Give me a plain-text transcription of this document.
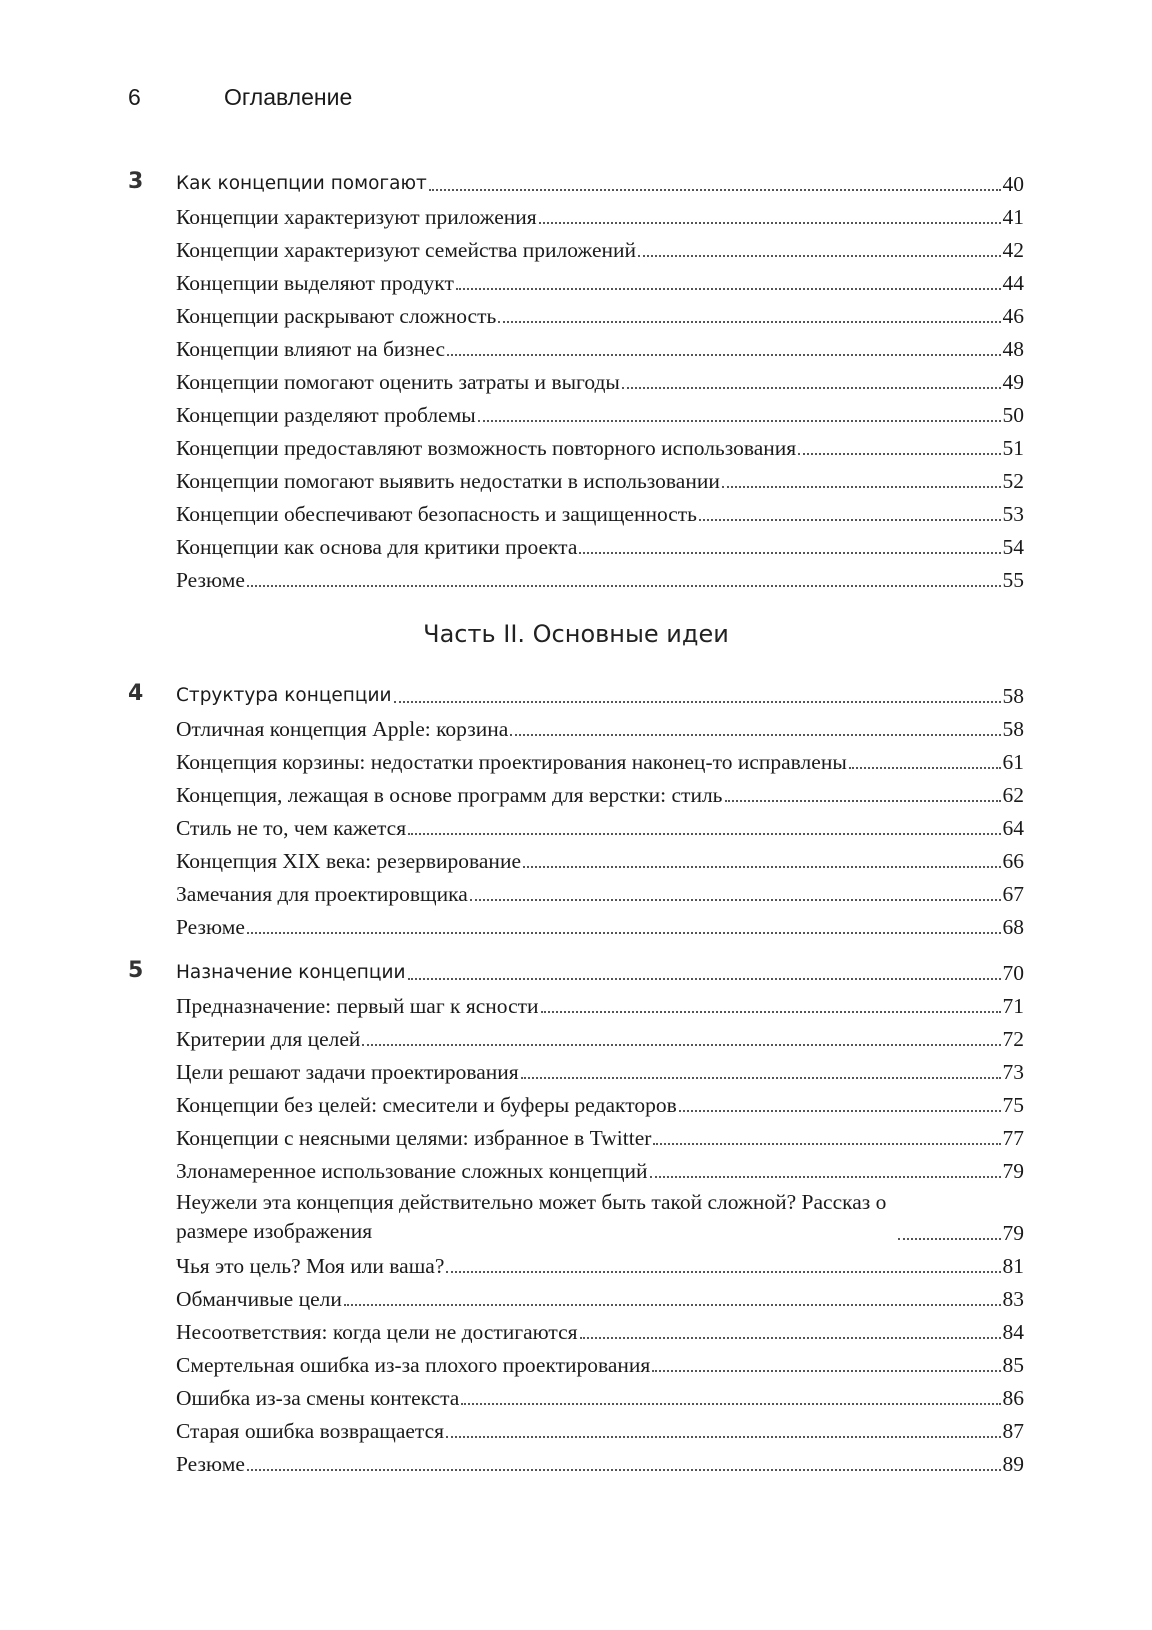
6	Оглавление
3 Как концепции помогают	40
Концепции характеризуют приложения	41
Концепции характеризуют семейства приложений	42
Концепции выделяют продукт	44
Концепции раскрывают сложность	46
Концепции влияют на бизнес	48
Концепции помогают оценить затраты и выгоды	49
Концепции разделяют проблемы	50
Концепции предоставляют возможность повторного использования	51
Концепции помогают выявить недостатки в использовании	52
Концепции обеспечивают безопасность и защищенность	53
Концепции как основа для критики проекта	54
Резюме	55
4 Структура концепции	58
Отличная концепция Apple: корзина	58
Концепция корзины: недостатки проектирования наконец-то исправлены	61
Концепция, лежащая в основе программ для верстки: стиль	62
Стиль не то, чем кажется	64
Концепция XIX века: резервирование	66
Замечания для проектировщика	67
Резюме	68
5 Назначение концепции	70
Предназначение: первый шаг к ясности	71
Критерии для целей	72
Цели решают задачи проектирования	73
Концепции без целей: смесители и буферы редакторов	75
Концепции с неясными целями: избранное в Twitter	77
Злонамеренное использование сложных концепций	79
Неужели эта концепция действительно может быть такой сложной? Рассказ о размере изображения	79
Чья это цель? Моя или ваша?	81
Обманчивые цели	83
Несоответствия: когда цели не достигаются	84
Смертельная ошибка из-за плохого проектирования	85
Ошибка из-за смены контекста	86
Старая ошибка возвращается	87
Резюме	89
Часть II. Основные идеи
